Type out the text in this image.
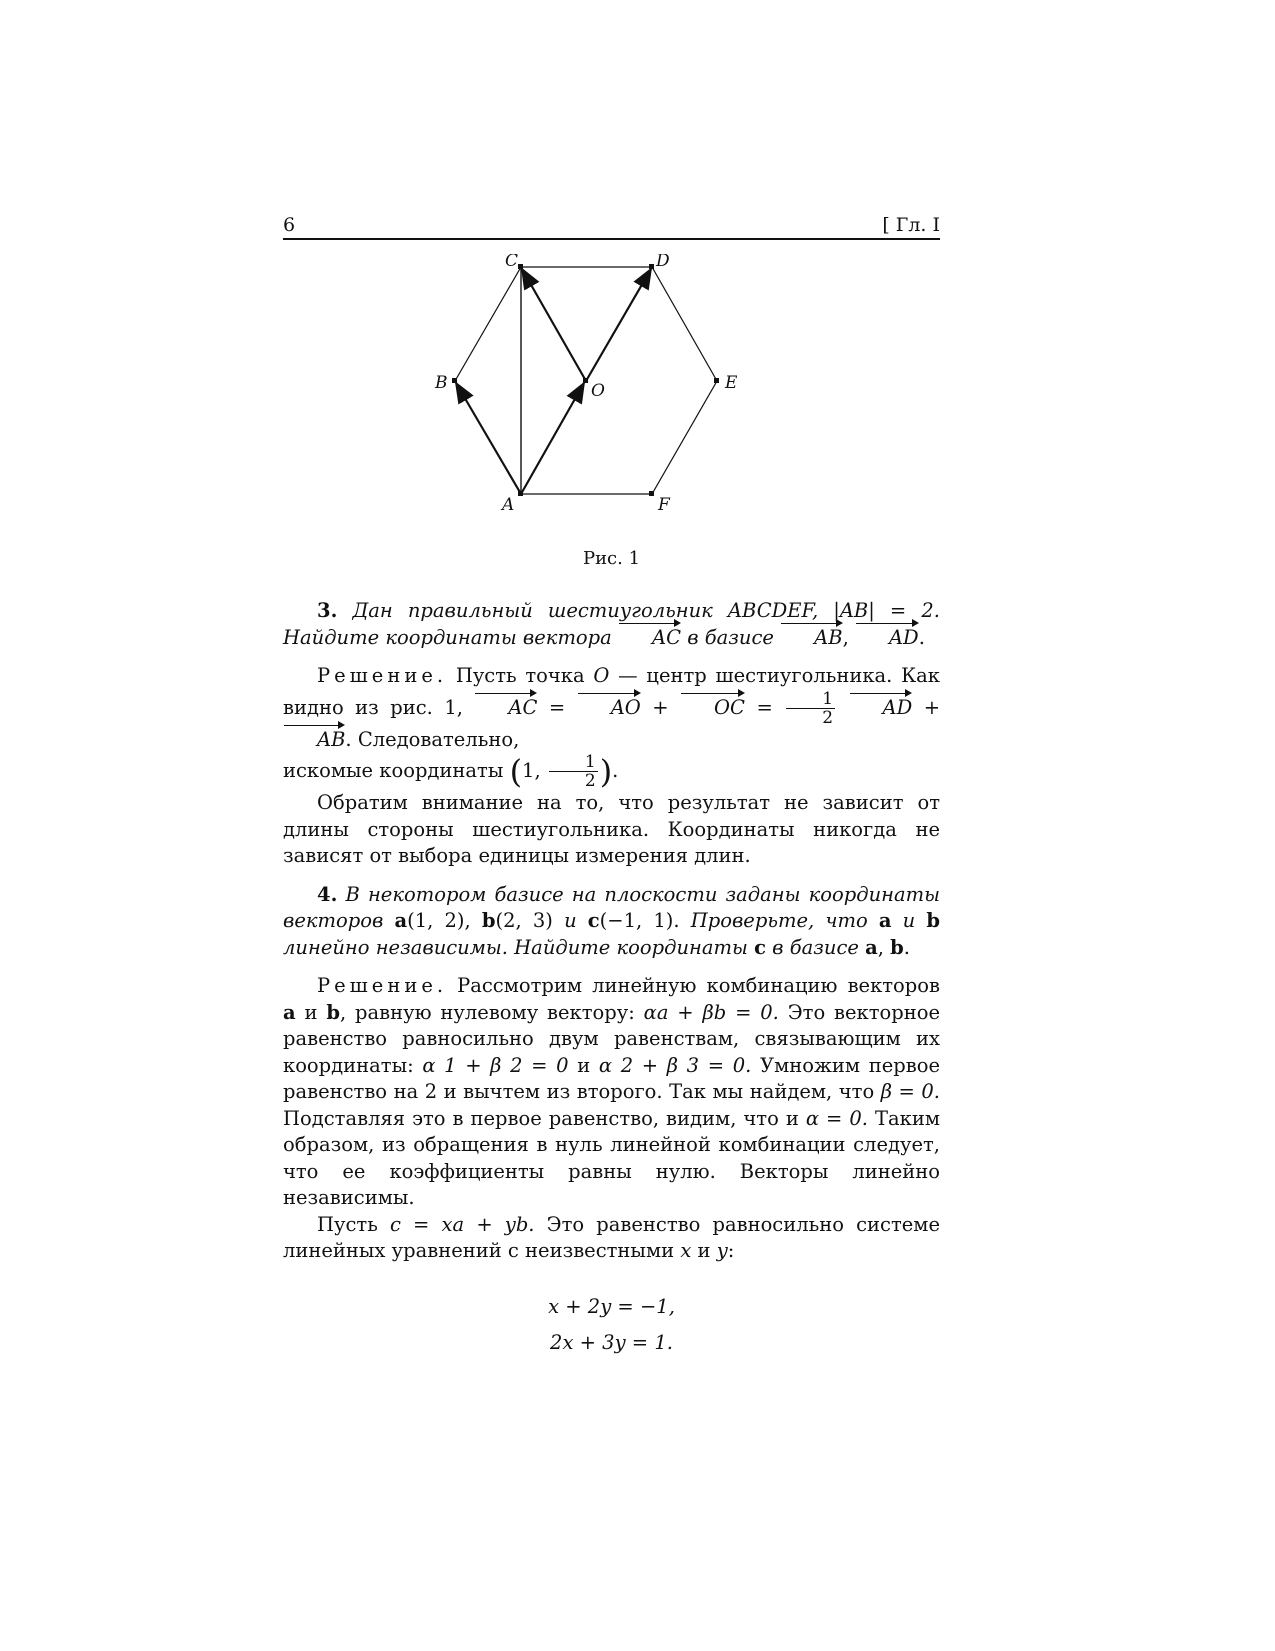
6	[ Гл. I
A
B
C	D
E
F
O
Рис. 1

3. Дан правильный шестиугольник ABCDEF, |AB| = 2. Найдите координаты вектора AC в базисе AB, AD.

Решение. Пусть точка O — центр шестиугольника. Как видно из рис. 1, AC = AO + OC = $\frac{1}{2}$ AD + AB. Следовательно,
искомые координаты (1, $\frac{1}{2}$ ).

Обратим внимание на то, что результат не зависит от длины стороны шестиугольника. Координаты никогда не зависят от выбора единицы измерения длин.

4. В некотором базисе на плоскости заданы координаты векторов a(1, 2), b(2, 3) и c(−1, 1). Проверьте, что a и b линейно независимы. Найдите координаты c в базисе a, b.

Решение. Рассмотрим линейную комбинацию векторов a и b, равную нулевому вектору: αa + βb = 0. Это векторное равенство равносильно двум равенствам, связывающим их координаты: α 1 + β 2 = 0 и α 2 + β 3 = 0. Умножим первое равенство на 2 и вычтем из второго. Так мы найдем, что β = 0. Подставляя это в первое равенство, видим, что и α = 0. Таким образом, из обращения в нуль линейной комбинации следует, что ее коэффициенты равны нулю. Векторы линейно независимы.

Пусть c = xa + yb. Это равенство равносильно системе линейных уравнений с неизвестными x и y:

x + 2y = −1,
2x + 3y = 1.
